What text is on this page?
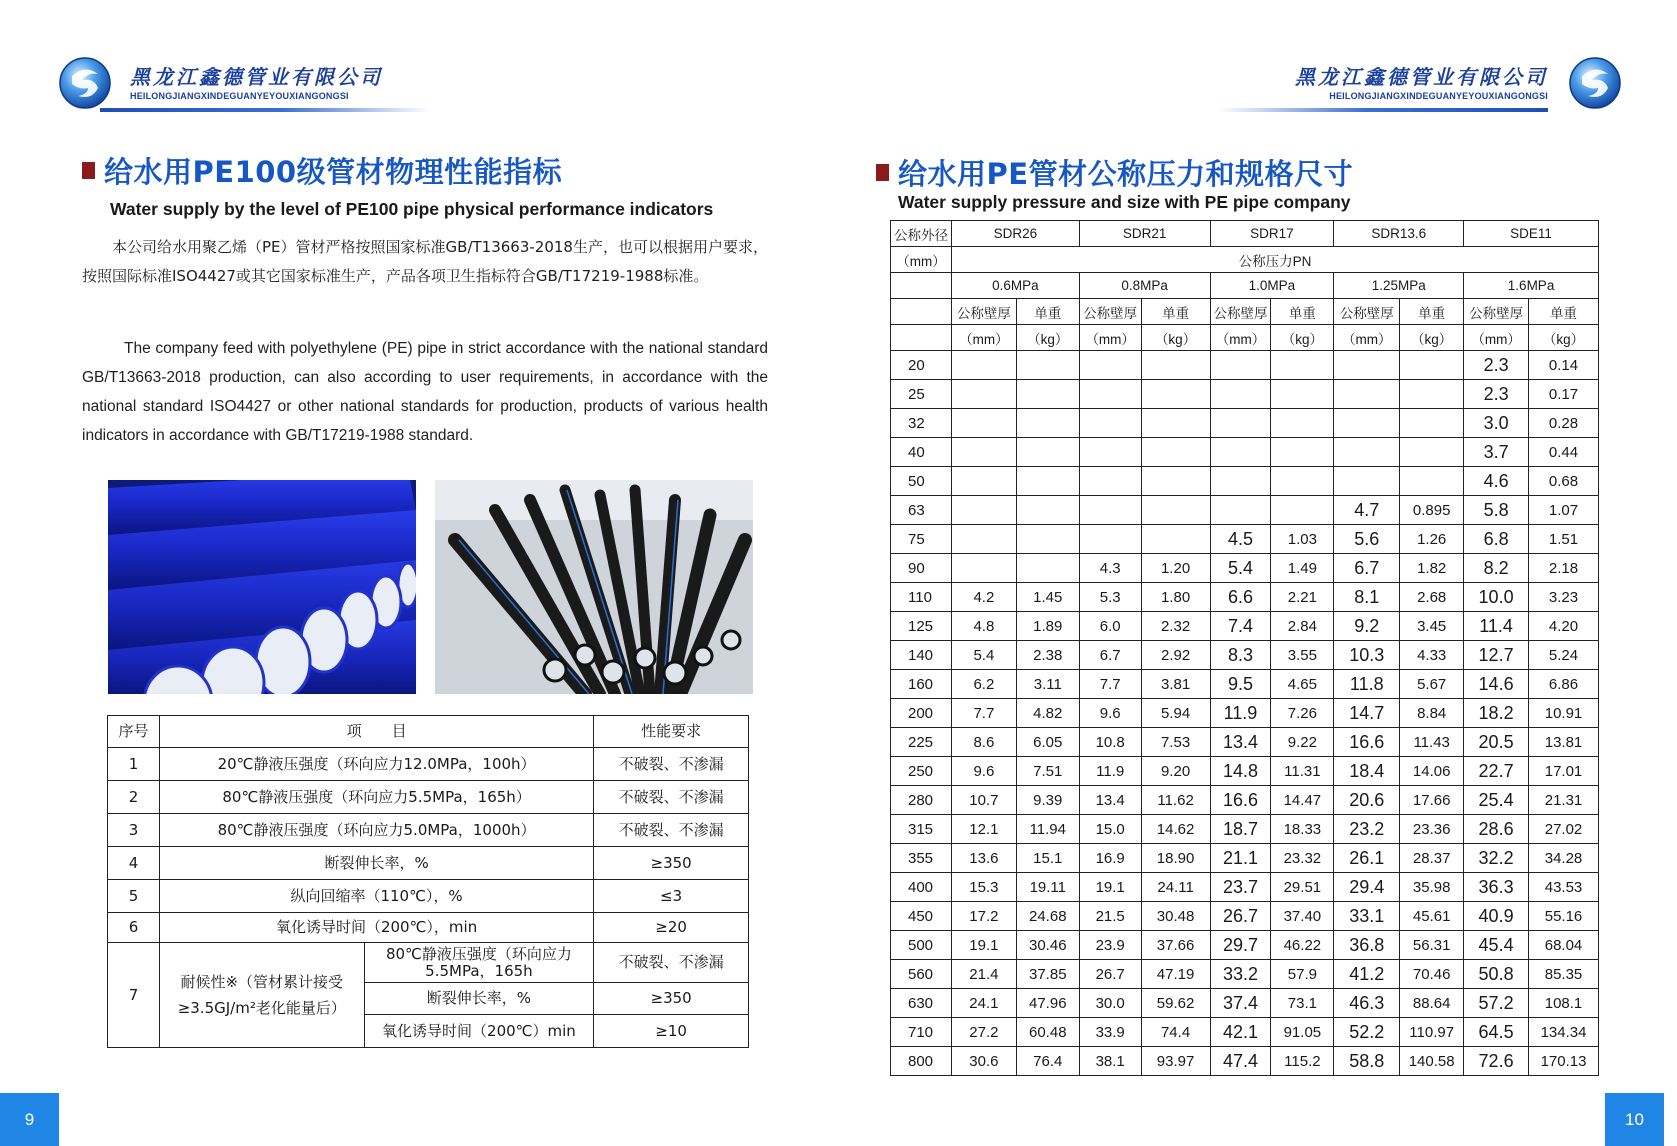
黑龙江鑫德管业有限公司
HEILONGJIANGXINDEGUANYEYOUXIANGONGSI
黑龙江鑫德管业有限公司
HEILONGJIANGXINDEGUANYEYOUXIANGONGSI
给水用PE100级管材物理性能指标
Water supply by the level of PE100 pipe physical performance indicators

本公司给水用聚乙烯（PE）管材严格按照国家标准GB/T13663-2018生产，也可以根据用户要求，按照国际标准ISO4427或其它国家标准生产，产品各项卫生指标符合GB/T17219-1988标准。

The company feed with polyethylene (PE) pipe in strict accordance with the national standard GB/T13663-2018 production, can also according to user requirements, in accordance with the national standard ISO4427 or other national standards for production, products of various health indicators in accordance with GB/T17219-1988 standard.

序号	项　　目		性能要求
1	20℃静液压强度（环向应力12.0MPa，100h）		不破裂、不渗漏
2	80℃静液压强度（环向应力5.5MPa，165h）		不破裂、不渗漏
3	80℃静液压强度（环向应力5.0MPa，1000h）		不破裂、不渗漏
4	断裂伸长率，%		≥350
5	纵向回缩率（110℃），%		≤3
6	氧化诱导时间（200℃），min		≥20
7	耐候性※（管材累计接受≥3.5GJ/m²老化能量后）	80℃静液压强度（环向应力5.5MPa，165h	不破裂、不渗漏
		断裂伸长率，%	≥350
		氧化诱导时间（200℃）min	≥10
9
给水用PE管材公称压力和规格尺寸
Water supply pressure and size with PE pipe company
公称外径	SDR26		SDR21		SDR17		SDR13.6		SDE11	
（mm）	公称压力PN									
	0.6MPa		0.8MPa		1.0MPa		1.25MPa		1.6MPa	
	公称壁厚	单重	公称壁厚	单重	公称壁厚	单重	公称壁厚	单重	公称壁厚	单重
	（mm）	（kg）	（mm）	（kg）	（mm）	（kg）	（mm）	（kg）	（mm）	（kg）
20									2.3	0.14
25									2.3	0.17
32									3.0	0.28
40									3.7	0.44
50									4.6	0.68
63							4.7	0.895	5.8	1.07
75					4.5	1.03	5.6	1.26	6.8	1.51
90			4.3	1.20	5.4	1.49	6.7	1.82	8.2	2.18
110	4.2	1.45	5.3	1.80	6.6	2.21	8.1	2.68	10.0	3.23
125	4.8	1.89	6.0	2.32	7.4	2.84	9.2	3.45	11.4	4.20
140	5.4	2.38	6.7	2.92	8.3	3.55	10.3	4.33	12.7	5.24
160	6.2	3.11	7.7	3.81	9.5	4.65	11.8	5.67	14.6	6.86
200	7.7	4.82	9.6	5.94	11.9	7.26	14.7	8.84	18.2	10.91
225	8.6	6.05	10.8	7.53	13.4	9.22	16.6	11.43	20.5	13.81
250	9.6	7.51	11.9	9.20	14.8	11.31	18.4	14.06	22.7	17.01
280	10.7	9.39	13.4	11.62	16.6	14.47	20.6	17.66	25.4	21.31
315	12.1	11.94	15.0	14.62	18.7	18.33	23.2	23.36	28.6	27.02
355	13.6	15.1	16.9	18.90	21.1	23.32	26.1	28.37	32.2	34.28
400	15.3	19.11	19.1	24.11	23.7	29.51	29.4	35.98	36.3	43.53
450	17.2	24.68	21.5	30.48	26.7	37.40	33.1	45.61	40.9	55.16
500	19.1	30.46	23.9	37.66	29.7	46.22	36.8	56.31	45.4	68.04
560	21.4	37.85	26.7	47.19	33.2	57.9	41.2	70.46	50.8	85.35
630	24.1	47.96	30.0	59.62	37.4	73.1	46.3	88.64	57.2	108.1
710	27.2	60.48	33.9	74.4	42.1	91.05	52.2	110.97	64.5	134.34
800	30.6	76.4	38.1	93.97	47.4	115.2	58.8	140.58	72.6	170.13
10
